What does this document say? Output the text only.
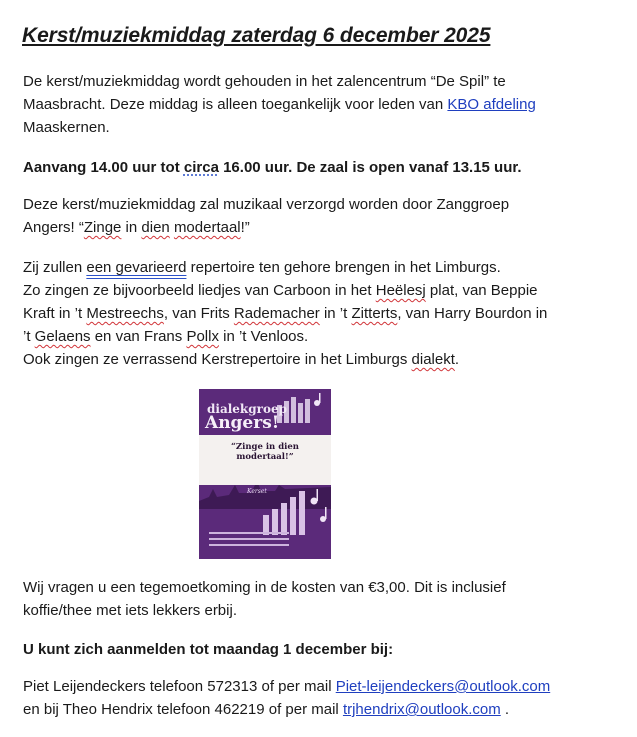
Kerst/muziekmiddag zaterdag 6 december 2025

De kerst/muziekmiddag wordt gehouden in het zalencentrum “De Spil” te
Maasbracht. Deze middag is alleen toegankelijk voor leden van KBO afdeling
Maaskernen.

Aanvang 14.00 uur tot circa 16.00 uur. De zaal is open vanaf 13.15 uur.

Deze kerst/muziekmiddag zal muzikaal verzorgd worden door Zanggroep
Angers! “Zinge in dien modertaal!”

Zij zullen een gevarieerd repertoire ten gehore brengen in het Limburgs.
Zo zingen ze bijvoorbeeld liedjes van Carboon in het Heëlesj plat, van Beppie
Kraft in ’t Mestreechs, van Frits Rademacher in ’t Zitterts, van Harry Bourdon in
’t Gelaens en van Frans Pollx in ’t Venloos.
Ook zingen ze verrassend Kerstrepertoire in het Limburgs dialekt.

dialekgroep
Angers!
“Zinge in dien
modertaal!”
Kerset

Wij vragen u een tegemoetkoming in de kosten van €3,00. Dit is inclusief
koffie/thee met iets lekkers erbij.

U kunt zich aanmelden tot maandag 1 december bij:

Piet Leijendeckers telefoon 572313 of per mail Piet-leijendeckers@outlook.com
en bij Theo Hendrix telefoon 462219 of per mail trjhendrix@outlook.com .
